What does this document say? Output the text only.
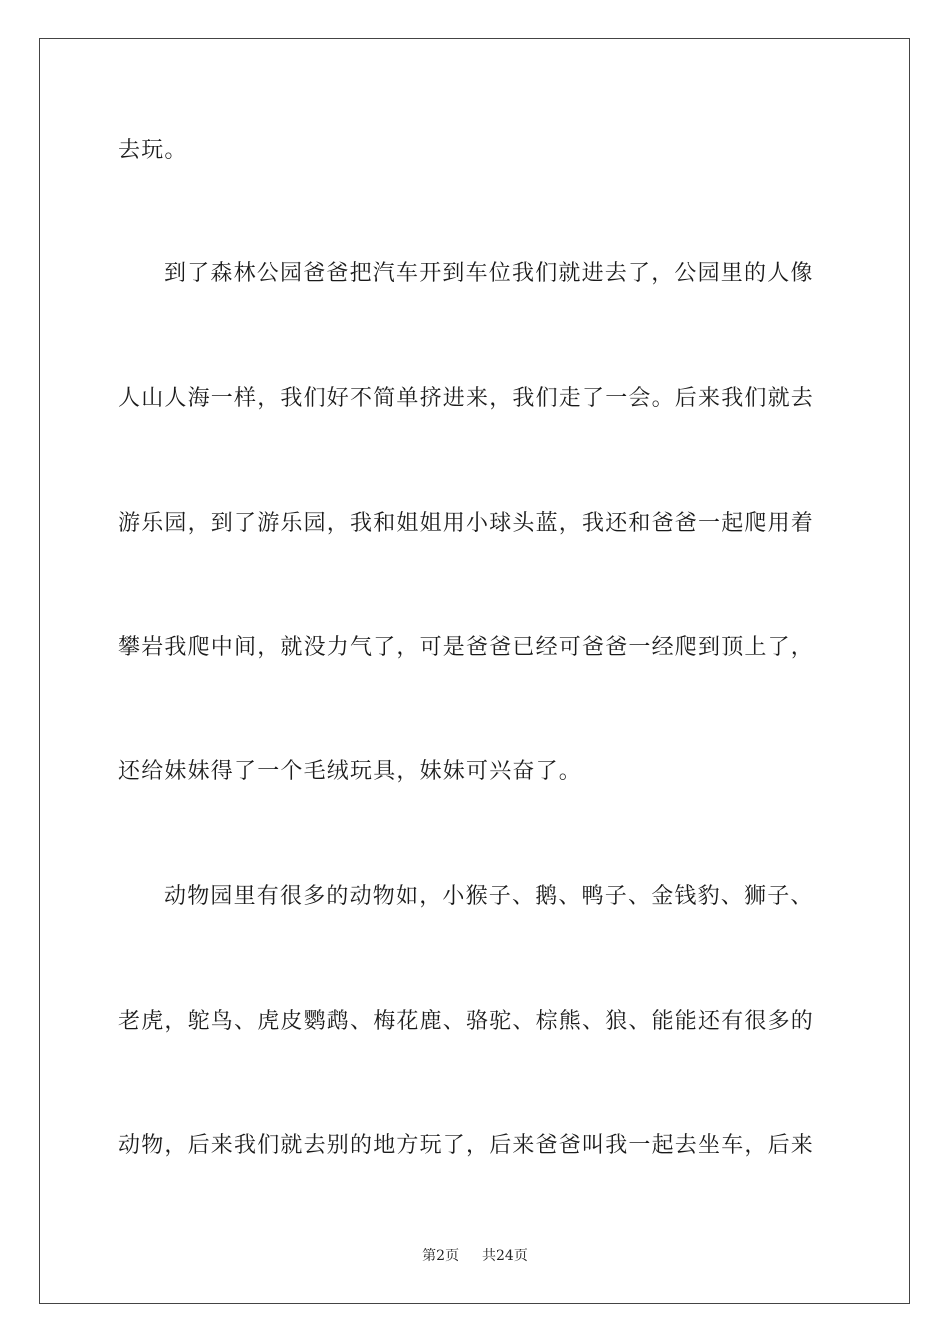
去玩。
到了森林公园爸爸把汽车开到车位我们就进去了，公园里的人像
人山人海一样，我们好不简单挤进来，我们走了一会。后来我们就去
游乐园，到了游乐园，我和姐姐用小球头蓝，我还和爸爸一起爬用着
攀岩我爬中间，就没力气了，可是爸爸已经可爸爸一经爬到顶上了，
还给妹妹得了一个毛绒玩具，妹妹可兴奋了。
动物园里有很多的动物如，小猴子、鹅、鸭子、金钱豹、狮子、
老虎，鸵鸟、虎皮鹦鹉、梅花鹿、骆驼、棕熊、狼、能能还有很多的
动物，后来我们就去别的地方玩了，后来爸爸叫我一起去坐车，后来
第2页 共24页
